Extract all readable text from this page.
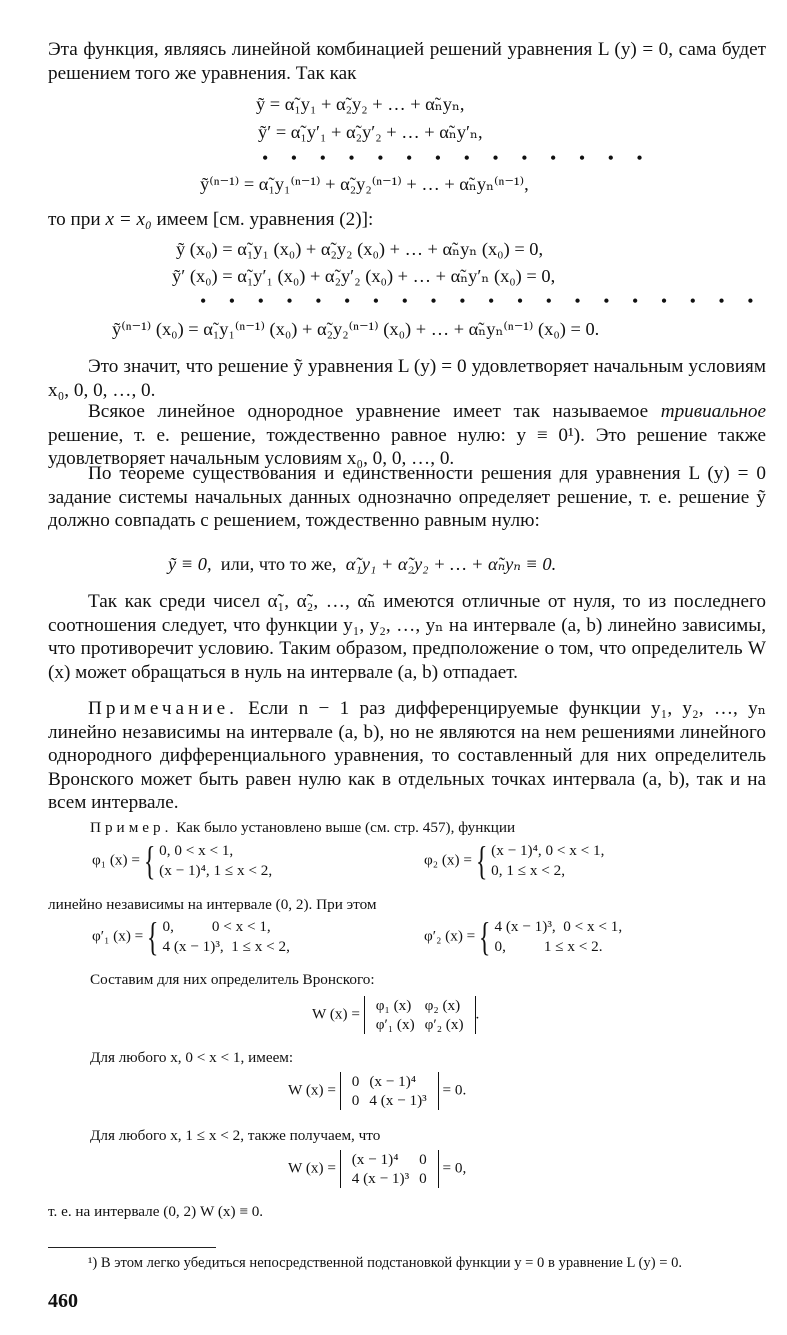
Эта функция, являясь линейной комбинацией решений уравнения L (y) = 0, сама будет решением того же уравнения. Так как

ỹ = α̃₁y₁ + α̃₂y₂ + … + α̃ₙyₙ,
ỹ′ = α̃₁y′₁ + α̃₂y′₂ + … + α̃ₙy′ₙ,
• • • • • • • • • • • • • •
ỹ⁽ⁿ⁻¹⁾ = α̃₁y₁⁽ⁿ⁻¹⁾ + α̃₂y₂⁽ⁿ⁻¹⁾ + … + α̃ₙyₙ⁽ⁿ⁻¹⁾,
то при x = x₀ имеем [см. уравнения (2)]:
ỹ (x₀) = α̃₁y₁ (x₀) + α̃₂y₂ (x₀) + … + α̃ₙyₙ (x₀) = 0,
ỹ′ (x₀) = α̃₁y′₁ (x₀) + α̃₂y′₂ (x₀) + … + α̃ₙy′ₙ (x₀) = 0,
• • • • • • • • • • • • • • • • • • • •
ỹ⁽ⁿ⁻¹⁾ (x₀) = α̃₁y₁⁽ⁿ⁻¹⁾ (x₀) + α̃₂y₂⁽ⁿ⁻¹⁾ (x₀) + … + α̃ₙyₙ⁽ⁿ⁻¹⁾ (x₀) = 0.

Это значит, что решение ỹ уравнения L (y) = 0 удовлетворяет начальным условиям x₀, 0, 0, …, 0.

Всякое линейное однородное уравнение имеет так называемое тривиальное решение, т. е. решение, тождественно равное нулю: y ≡ 0¹). Это решение также удовлетворяет начальным условиям x₀, 0, 0, …, 0.

По теореме существования и единственности решения для уравнения L (y) = 0 задание системы начальных данных однозначно определяет решение, т. е. решение ỹ должно совпадать с решением, тождественно равным нулю:

ỹ ≡ 0, или, что то же, α̃₁y₁ + α̃₂y₂ + … + α̃ₙyₙ ≡ 0.

Так как среди чисел α̃₁, α̃₂, …, α̃ₙ имеются отличные от нуля, то из последнего соотношения следует, что функции y₁, y₂, …, yₙ на интервале (a, b) линейно зависимы, что противоречит условию. Таким образом, предположение о том, что определитель W (x) может обращаться в нуль на интервале (a, b) отпадает.

Примечание. Если n − 1 раз дифференцируемые функции y₁, y₂, …, yₙ линейно независимы на интервале (a, b), но не являются на нем решениями линейного однородного дифференциального уравнения, то составленный для них определитель Вронского может быть равен нулю как в отдельных точках интервала (a, b), так и на всем интервале.

Пример. Как было установлено выше (см. стр. 457), функции

φ₁ (x) ={ 0, 0 < x < 1,
(x − 1)⁴, 1 ≤ x < 2,
φ₂ (x) ={ (x − 1)⁴, 0 < x < 1,
0, 1 ≤ x < 2,

линейно независимы на интервале (0, 2). При этом

φ′₁ (x) ={ 0,          0 < x < 1,
4 (x − 1)³,  1 ≤ x < 2,
φ′₂ (x) ={ 4 (x − 1)³,  0 < x < 1,
0,          1 ≤ x < 2.

Составим для них определитель Вронского:

W (x) = φ₁ (x)	φ₂ (x)
φ′₁ (x)	φ′₂ (x)
.

Для любого x, 0 < x < 1, имеем:

W (x) = 0	(x − 1)⁴
0	4 (x − 1)³
= 0.

Для любого x, 1 ≤ x < 2, также получаем, что

W (x) = (x − 1)⁴	0
4 (x − 1)³	0
= 0,

т. е. на интервале (0, 2) W (x) ≡ 0.

¹) В этом легко убедиться непосредственной подстановкой функции y = 0 в уравнение L (y) = 0.
460
